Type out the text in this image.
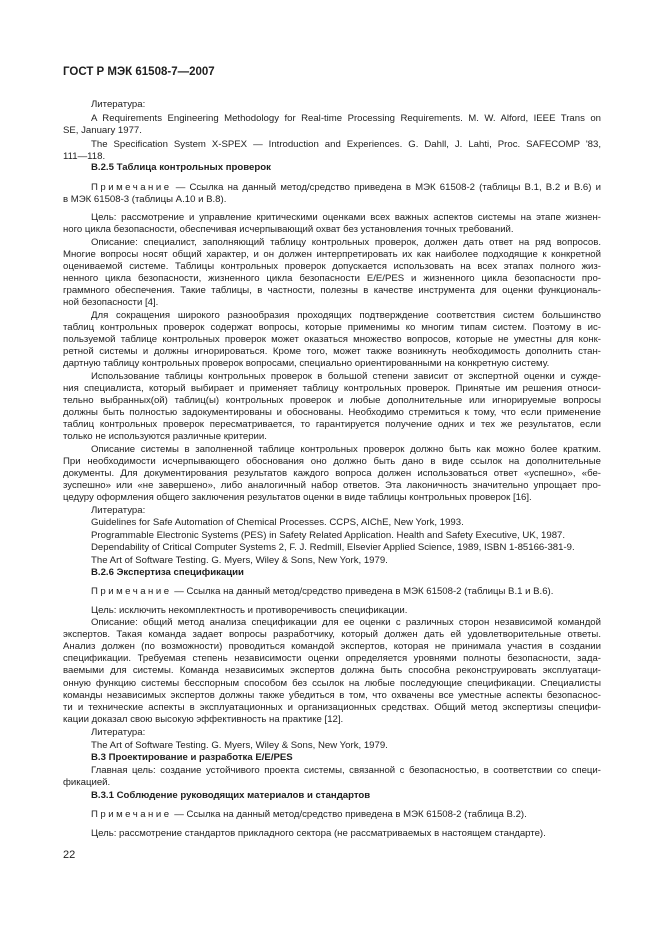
ГОСТ Р МЭК 61508-7—2007
Литература:
A Requirements Engineering Methodology for Real-time Processing Requirements. M. W. Alford, IEEE Trans on
SE, January 1977.
The Specification System X-SPEX — Introduction and Experiences. G. Dahll, J. Lahti, Proc. SAFECOMP '83,
111—118.
В.2.5 Таблица контрольных проверок
Примечание — Ссылка на данный метод/средство приведена в МЭК 61508-2 (таблицы В.1, В.2 и В.6) и
в МЭК 61508-3 (таблицы А.10 и В.8).
Цель: рассмотрение и управление критическими оценками всех важных аспектов системы на этапе жизнен-
ного цикла безопасности, обеспечивая исчерпывающий охват без установления точных требований.
Описание: специалист, заполняющий таблицу контрольных проверок, должен дать ответ на ряд вопросов.
Многие вопросы носят общий характер, и он должен интерпретировать их как наиболее подходящие к конкретной
оцениваемой системе. Таблицы контрольных проверок допускается использовать на всех этапах полного жиз-
ненного цикла безопасности, жизненного цикла безопасности Е/Е/PES и жизненного цикла безопасности про-
граммного обеспечения. Такие таблицы, в частности, полезны в качестве инструмента для оценки функциональ-
ной безопасности [4].
Для сокращения широкого разнообразия проходящих подтверждение соответствия систем большинство
таблиц контрольных проверок содержат вопросы, которые применимы ко многим типам систем. Поэтому в ис-
пользуемой таблице контрольных проверок может оказаться множество вопросов, которые не уместны для конк-
ретной системы и должны игнорироваться. Кроме того, может также возникнуть необходимость дополнить стан-
дартную таблицу контрольных проверок вопросами, специально ориентированными на конкретную систему.
Использование таблицы контрольных проверок в большой степени зависит от экспертной оценки и сужде-
ния специалиста, который выбирает и применяет таблицу контрольных проверок. Принятые им решения относи-
тельно выбранных(ой) таблиц(ы) контрольных проверок и любые дополнительные или игнорируемые вопросы
должны быть полностью задокументированы и обоснованы. Необходимо стремиться к тому, что если применение
таблиц контрольных проверок пересматривается, то гарантируется получение одних и тех же результатов, если
только не используются различные критерии.
Описание системы в заполненной таблице контрольных проверок должно быть как можно более кратким.
При необходимости исчерпывающего обоснования оно должно быть дано в виде ссылок на дополнительные
документы. Для документирования результатов каждого вопроса должен использоваться ответ «успешно», «бе-
зуспешно» или «не завершено», либо аналогичный набор ответов. Эта лаконичность значительно упрощает про-
цедуру оформления общего заключения результатов оценки в виде таблицы контрольных проверок [16].
Литература:
Guidelines for Safe Automation of Chemical Processes. CCPS, AIChE, New York, 1993.
Programmable Electronic Systems (PES) in Safety Related Application. Health and Safety Executive, UK, 1987.
Dependability of Critical Computer Systems 2, F. J. Redmill, Elsevier Applied Science, 1989, ISBN 1-85166-381-9.
The Art of Software Testing. G. Myers, Wiley & Sons, New York, 1979.
В.2.6 Экспертиза спецификации
Примечание — Ссылка на данный метод/средство приведена в МЭК 61508-2 (таблицы В.1 и В.6).
Цель: исключить некомплектность и противоречивость спецификации.
Описание: общий метод анализа спецификации для ее оценки с различных сторон независимой командой
экспертов. Такая команда задает вопросы разработчику, который должен дать ей удовлетворительные ответы.
Анализ должен (по возможности) проводиться командой экспертов, которая не принимала участия в создании
спецификации. Требуемая степень независимости оценки определяется уровнями полноты безопасности, зада-
ваемыми для системы. Команда независимых экспертов должна быть способна реконструировать эксплуатаци-
онную функцию системы бесспорным способом без ссылок на любые последующие спецификации. Специалисты
команды независимых экспертов должны также убедиться в том, что охвачены все уместные аспекты безопаснос-
ти и технические аспекты в эксплуатационных и организационных средствах. Общий метод экспертизы специфи-
кации доказал свою высокую эффективность на практике [12].
Литература:
The Art of Software Testing. G. Myers, Wiley & Sons, New York, 1979.
В.3 Проектирование и разработка Е/Е/PES
Главная цель: создание устойчивого проекта системы, связанной с безопасностью, в соответствии со специ-
фикацией.
В.3.1 Соблюдение руководящих материалов и стандартов
Примечание — Ссылка на данный метод/средство приведена в МЭК 61508-2 (таблица В.2).
Цель: рассмотрение стандартов прикладного сектора (не рассматриваемых в настоящем стандарте).
22
